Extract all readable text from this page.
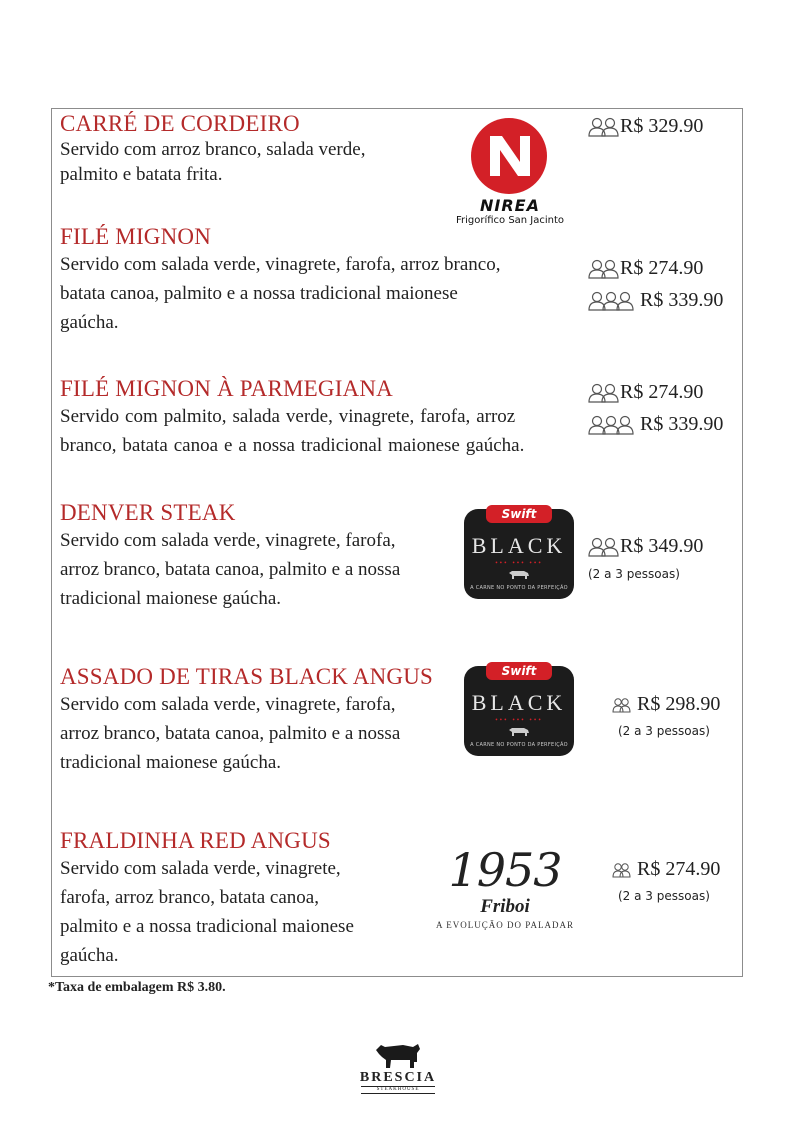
CARRÉ DE CORDEIRO
Servido com arroz branco, salada verde,
palmito e batata frita.
R$ 329.90
NIREA
Frigorífico San Jacinto
FILÉ MIGNON
Servido com salada verde, vinagrete, farofa, arroz branco,
batata canoa, palmito e a nossa tradicional maionese
gaúcha.
R$ 274.90
R$ 339.90
FILÉ MIGNON À PARMEGIANA
Servido com palmito, salada verde, vinagrete, farofa, arroz
branco, batata canoa e a nossa tradicional maionese gaúcha.
R$ 274.90
R$ 339.90
DENVER STEAK
Servido com salada verde, vinagrete, farofa,
arroz branco, batata canoa, palmito e a nossa
tradicional maionese gaúcha.
R$ 349.90
(2 a 3 pessoas)
Swift
BLACK
••• ••• •••
A CARNE NO PONTO DA PERFEIÇÃO
ASSADO DE TIRAS BLACK ANGUS
Servido com salada verde, vinagrete, farofa,
arroz branco, batata canoa, palmito e a nossa
tradicional maionese gaúcha.
R$ 298.90
(2 a 3 pessoas)
Swift
BLACK
••• ••• •••
A CARNE NO PONTO DA PERFEIÇÃO
FRALDINHA RED ANGUS
Servido com salada verde, vinagrete,
farofa, arroz branco, batata canoa,
palmito e a nossa tradicional maionese
gaúcha.
R$ 274.90
(2 a 3 pessoas)
1953
Friboi
A EVOLUÇÃO DO PALADAR
*Taxa de embalagem R$ 3.80.
BRESCIA
STEAKHOUSE
